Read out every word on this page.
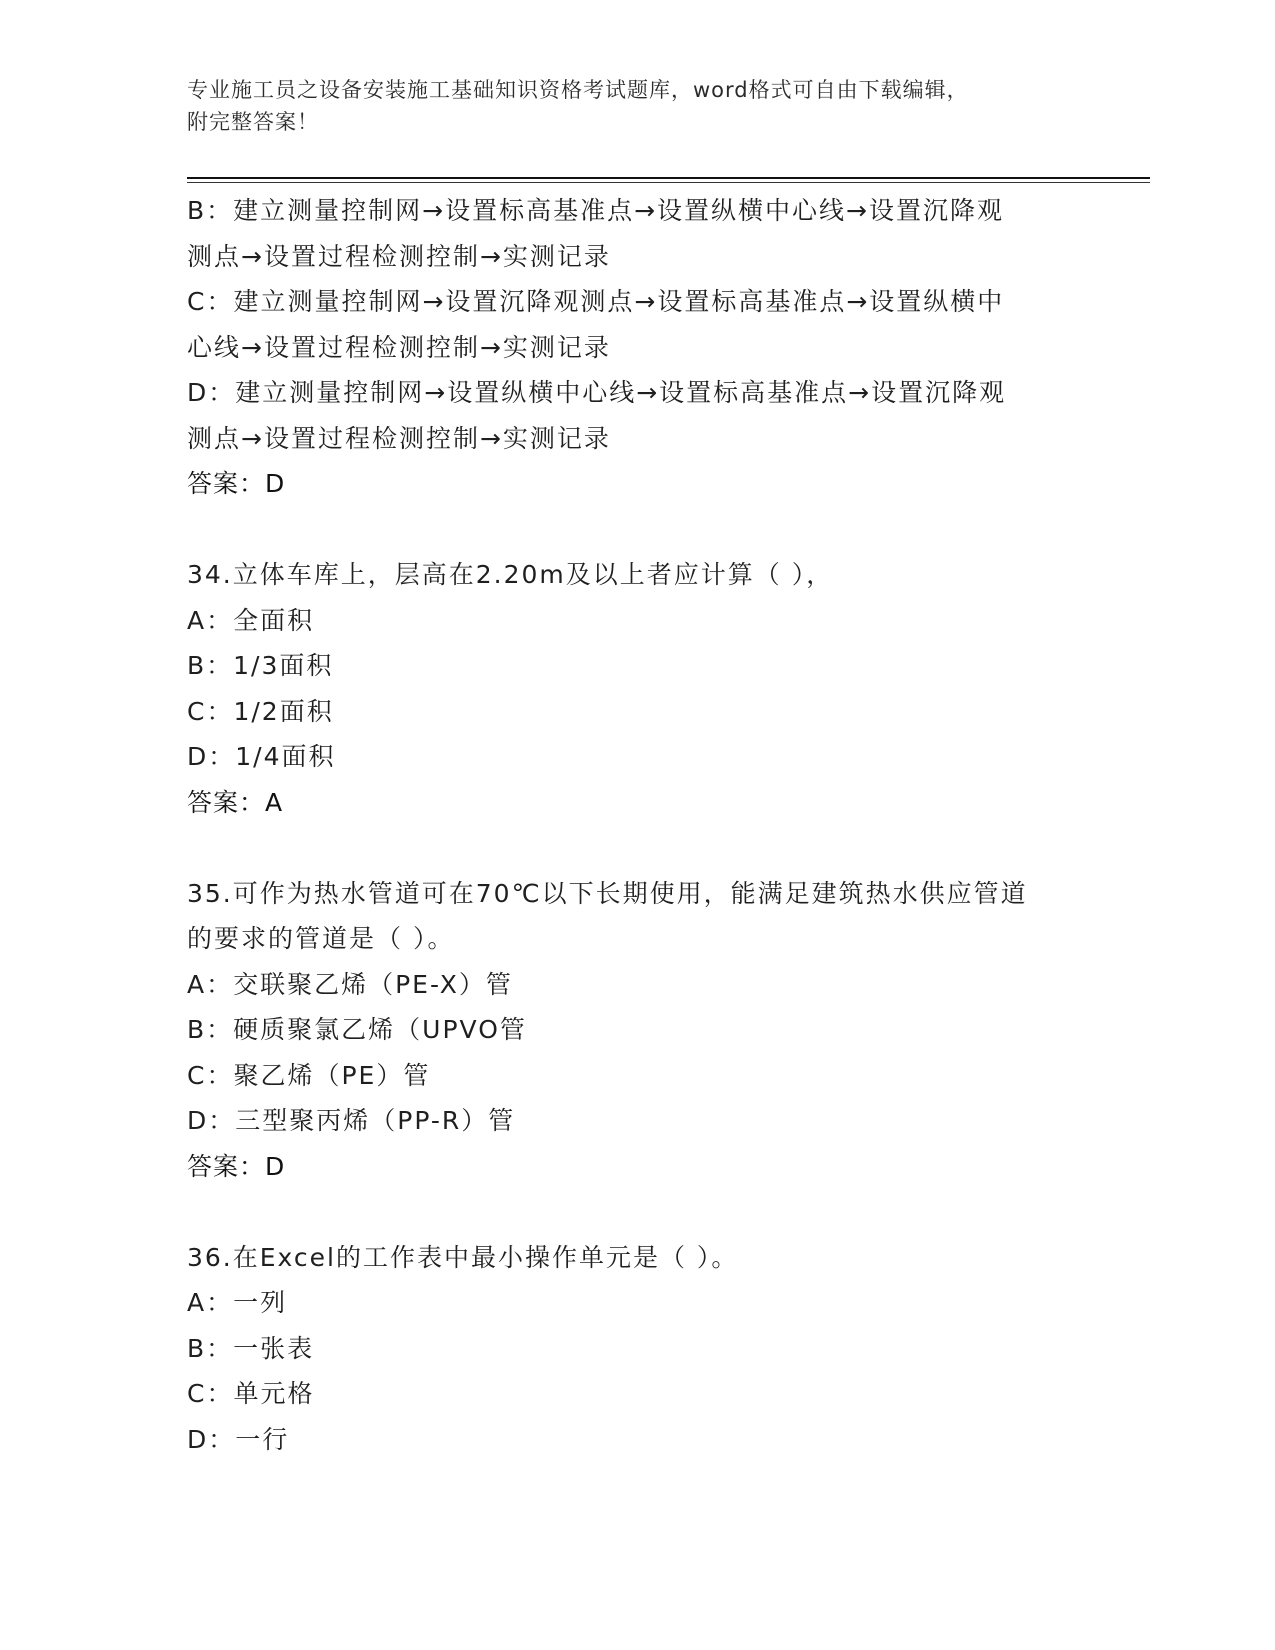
专业施工员之设备安装施工基础知识资格考试题库，word格式可自由下载编辑，
附完整答案！
B：建立测量控制网→设置标高基准点→设置纵横中心线→设置沉降观
测点→设置过程检测控制→实测记录
C：建立测量控制网→设置沉降观测点→设置标高基准点→设置纵横中
心线→设置过程检测控制→实测记录
D：建立测量控制网→设置纵横中心线→设置标高基准点→设置沉降观
测点→设置过程检测控制→实测记录
答案：D
34.立体车库上，层高在2.20m及以上者应计算（ ），
A：全面积
B：1/3面积
C：1/2面积
D：1/4面积
答案：A
35.可作为热水管道可在70℃以下长期使用，能满足建筑热水供应管道
的要求的管道是（ ）。
A：交联聚乙烯（PE-X）管
B：硬质聚氯乙烯（UPVO管
C：聚乙烯（PE）管
D：三型聚丙烯（PP-R）管
答案：D
36.在Excel的工作表中最小操作单元是（ ）。
A：一列
B：一张表
C：单元格
D：一行
